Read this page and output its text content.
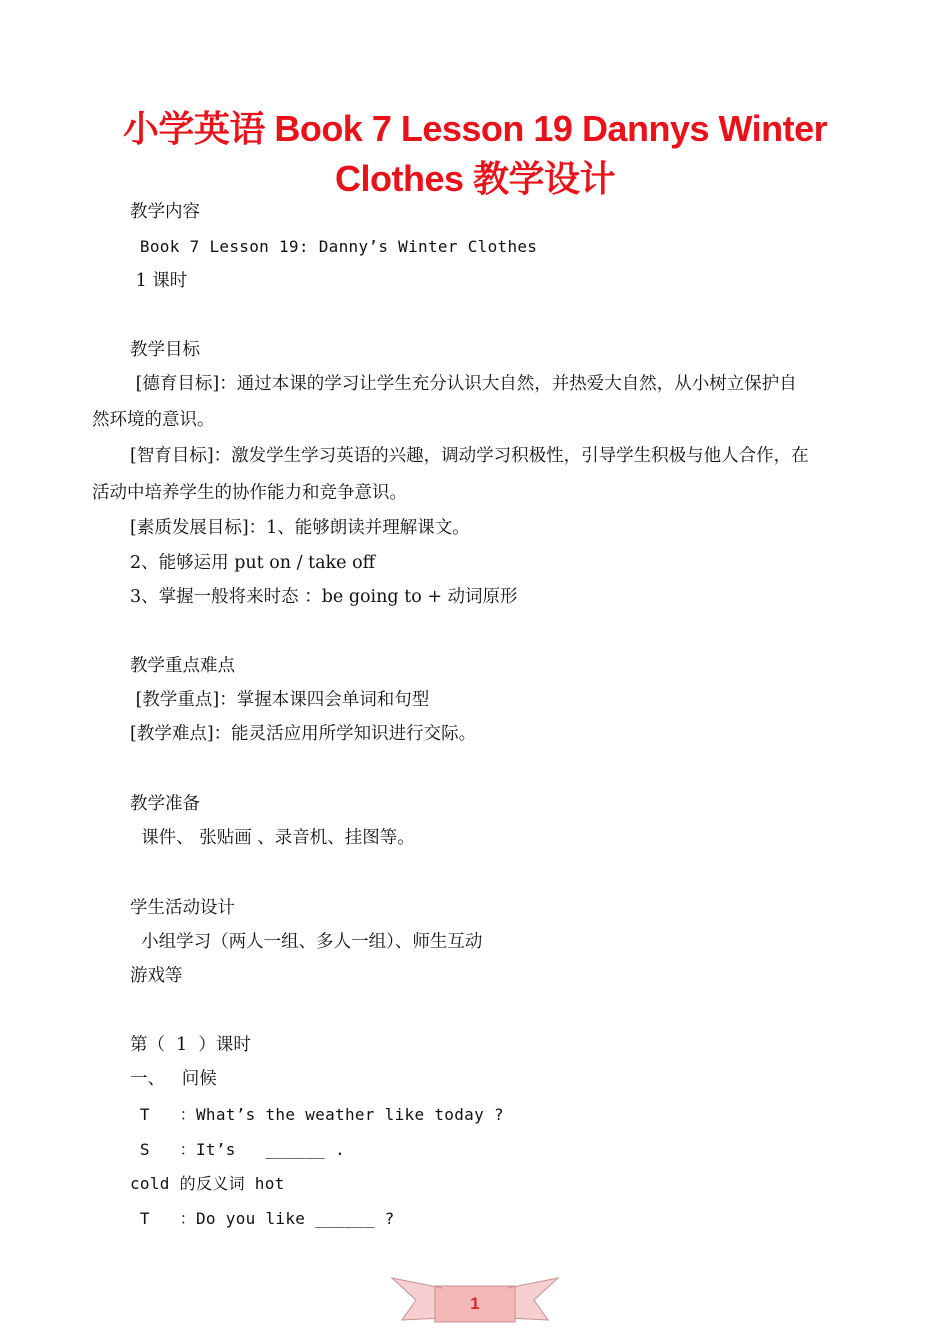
小学英语 Book 7 Lesson 19 Dannys Winter
Clothes 教学设计
教学内容
Book 7 Lesson 19: Danny’s Winter Clothes
1 课时
教学目标
[德育目标]：通过本课的学习让学生充分认识大自然，并热爱大自然，从小树立保护自
然环境的意识。
[智育目标]：激发学生学习英语的兴趣，调动学习积极性，引导学生积极与他人合作，在
活动中培养学生的协作能力和竞争意识。
[素质发展目标]：1、能够朗读并理解课文。
2、能够运用 put on / take off
3、掌握一般将来时态 ：be going to + 动词原形
教学重点难点
[教学重点]：掌握本课四会单词和句型
[教学难点]：能灵活应用所学知识进行交际。
教学准备
课件、 张贴画 、录音机、挂图等。
学生活动设计
小组学习（两人一组、多人一组）、师生互动
游戏等
第（  1  ）课时
一、   问候
T   ：What’s the weather like today ?
S   ：It’s   ______ .
cold 的反义词 hot
T   ：Do you like ______ ?
1
